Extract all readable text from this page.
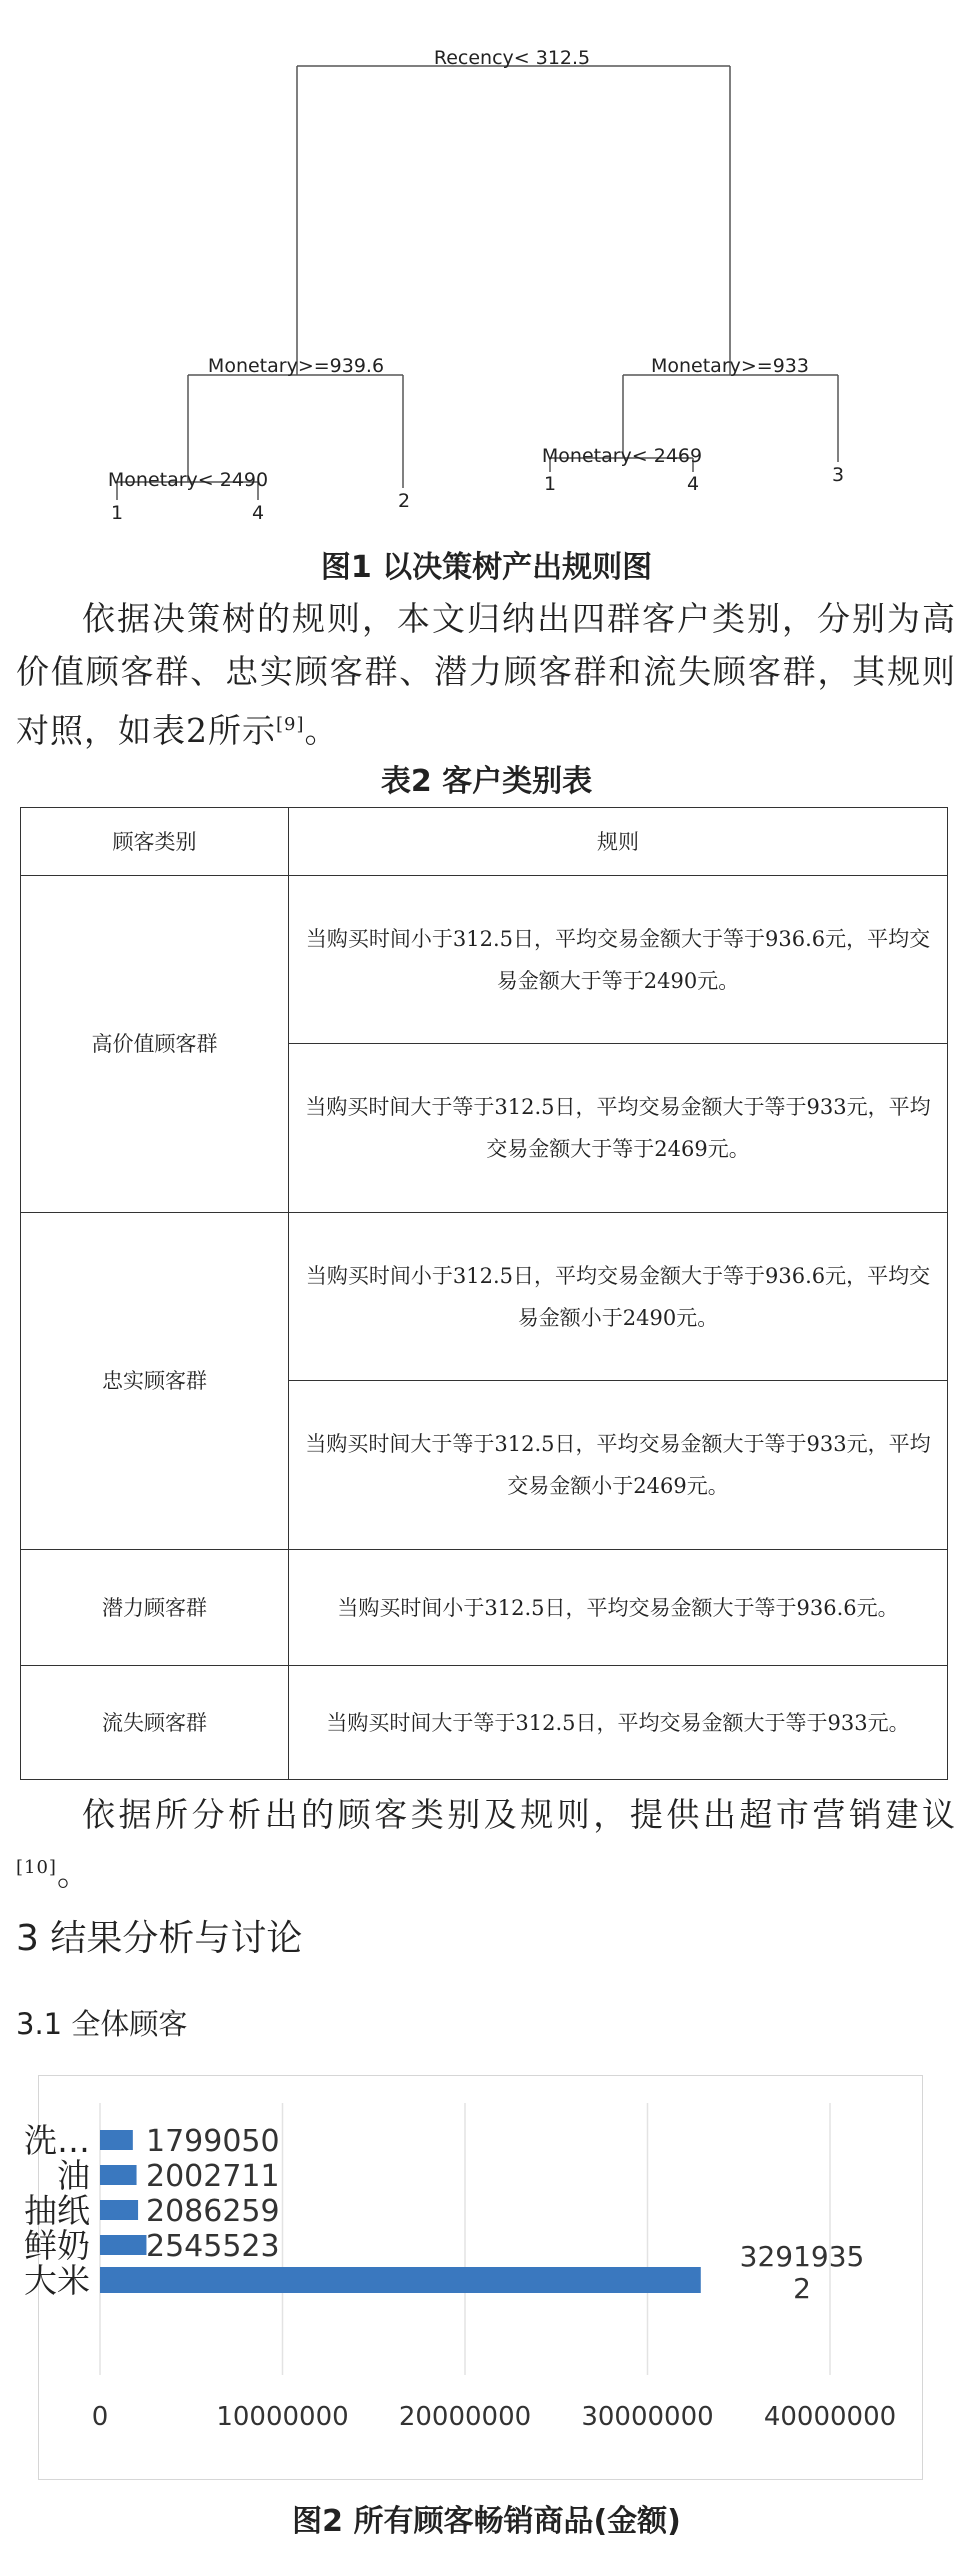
Recency< 312.5
Monetary>=939.6
Monetary< 2490
1	4
2
Monetary>=933
Monetary< 2469
1	4	3
图1 以决策树产出规则图
依据决策树的规则，本文归纳出四群客户类别，分别为高价值顾客群、忠实顾客群、潜力顾客群和流失顾客群，其规则对照，如表2所示[9]。
表2 客户类别表
顾客类别	规则
高价值顾客群	当购买时间小于312.5日，平均交易金额大于等于936.6元，平均交易金额大于等于2490元。
	当购买时间大于等于312.5日，平均交易金额大于等于933元，平均交易金额大于等于2469元。
忠实顾客群	当购买时间小于312.5日，平均交易金额大于等于936.6元，平均交易金额小于2490元。
	当购买时间大于等于312.5日，平均交易金额大于等于933元，平均交易金额小于2469元。
潜力顾客群	当购买时间小于312.5日，平均交易金额大于等于936.6元。
流失顾客群	当购买时间大于等于312.5日，平均交易金额大于等于933元。
依据所分析出的顾客类别及规则，提供出超市营销建议[10]。
3 结果分析与讨论
3.1 全体顾客
洗…
油
抽纸
鲜奶
大米
1799050
2002711
2086259
2545523	3291935
2
0	10000000 20000000 30000000 40000000
图2 所有顾客畅销商品(金额)
